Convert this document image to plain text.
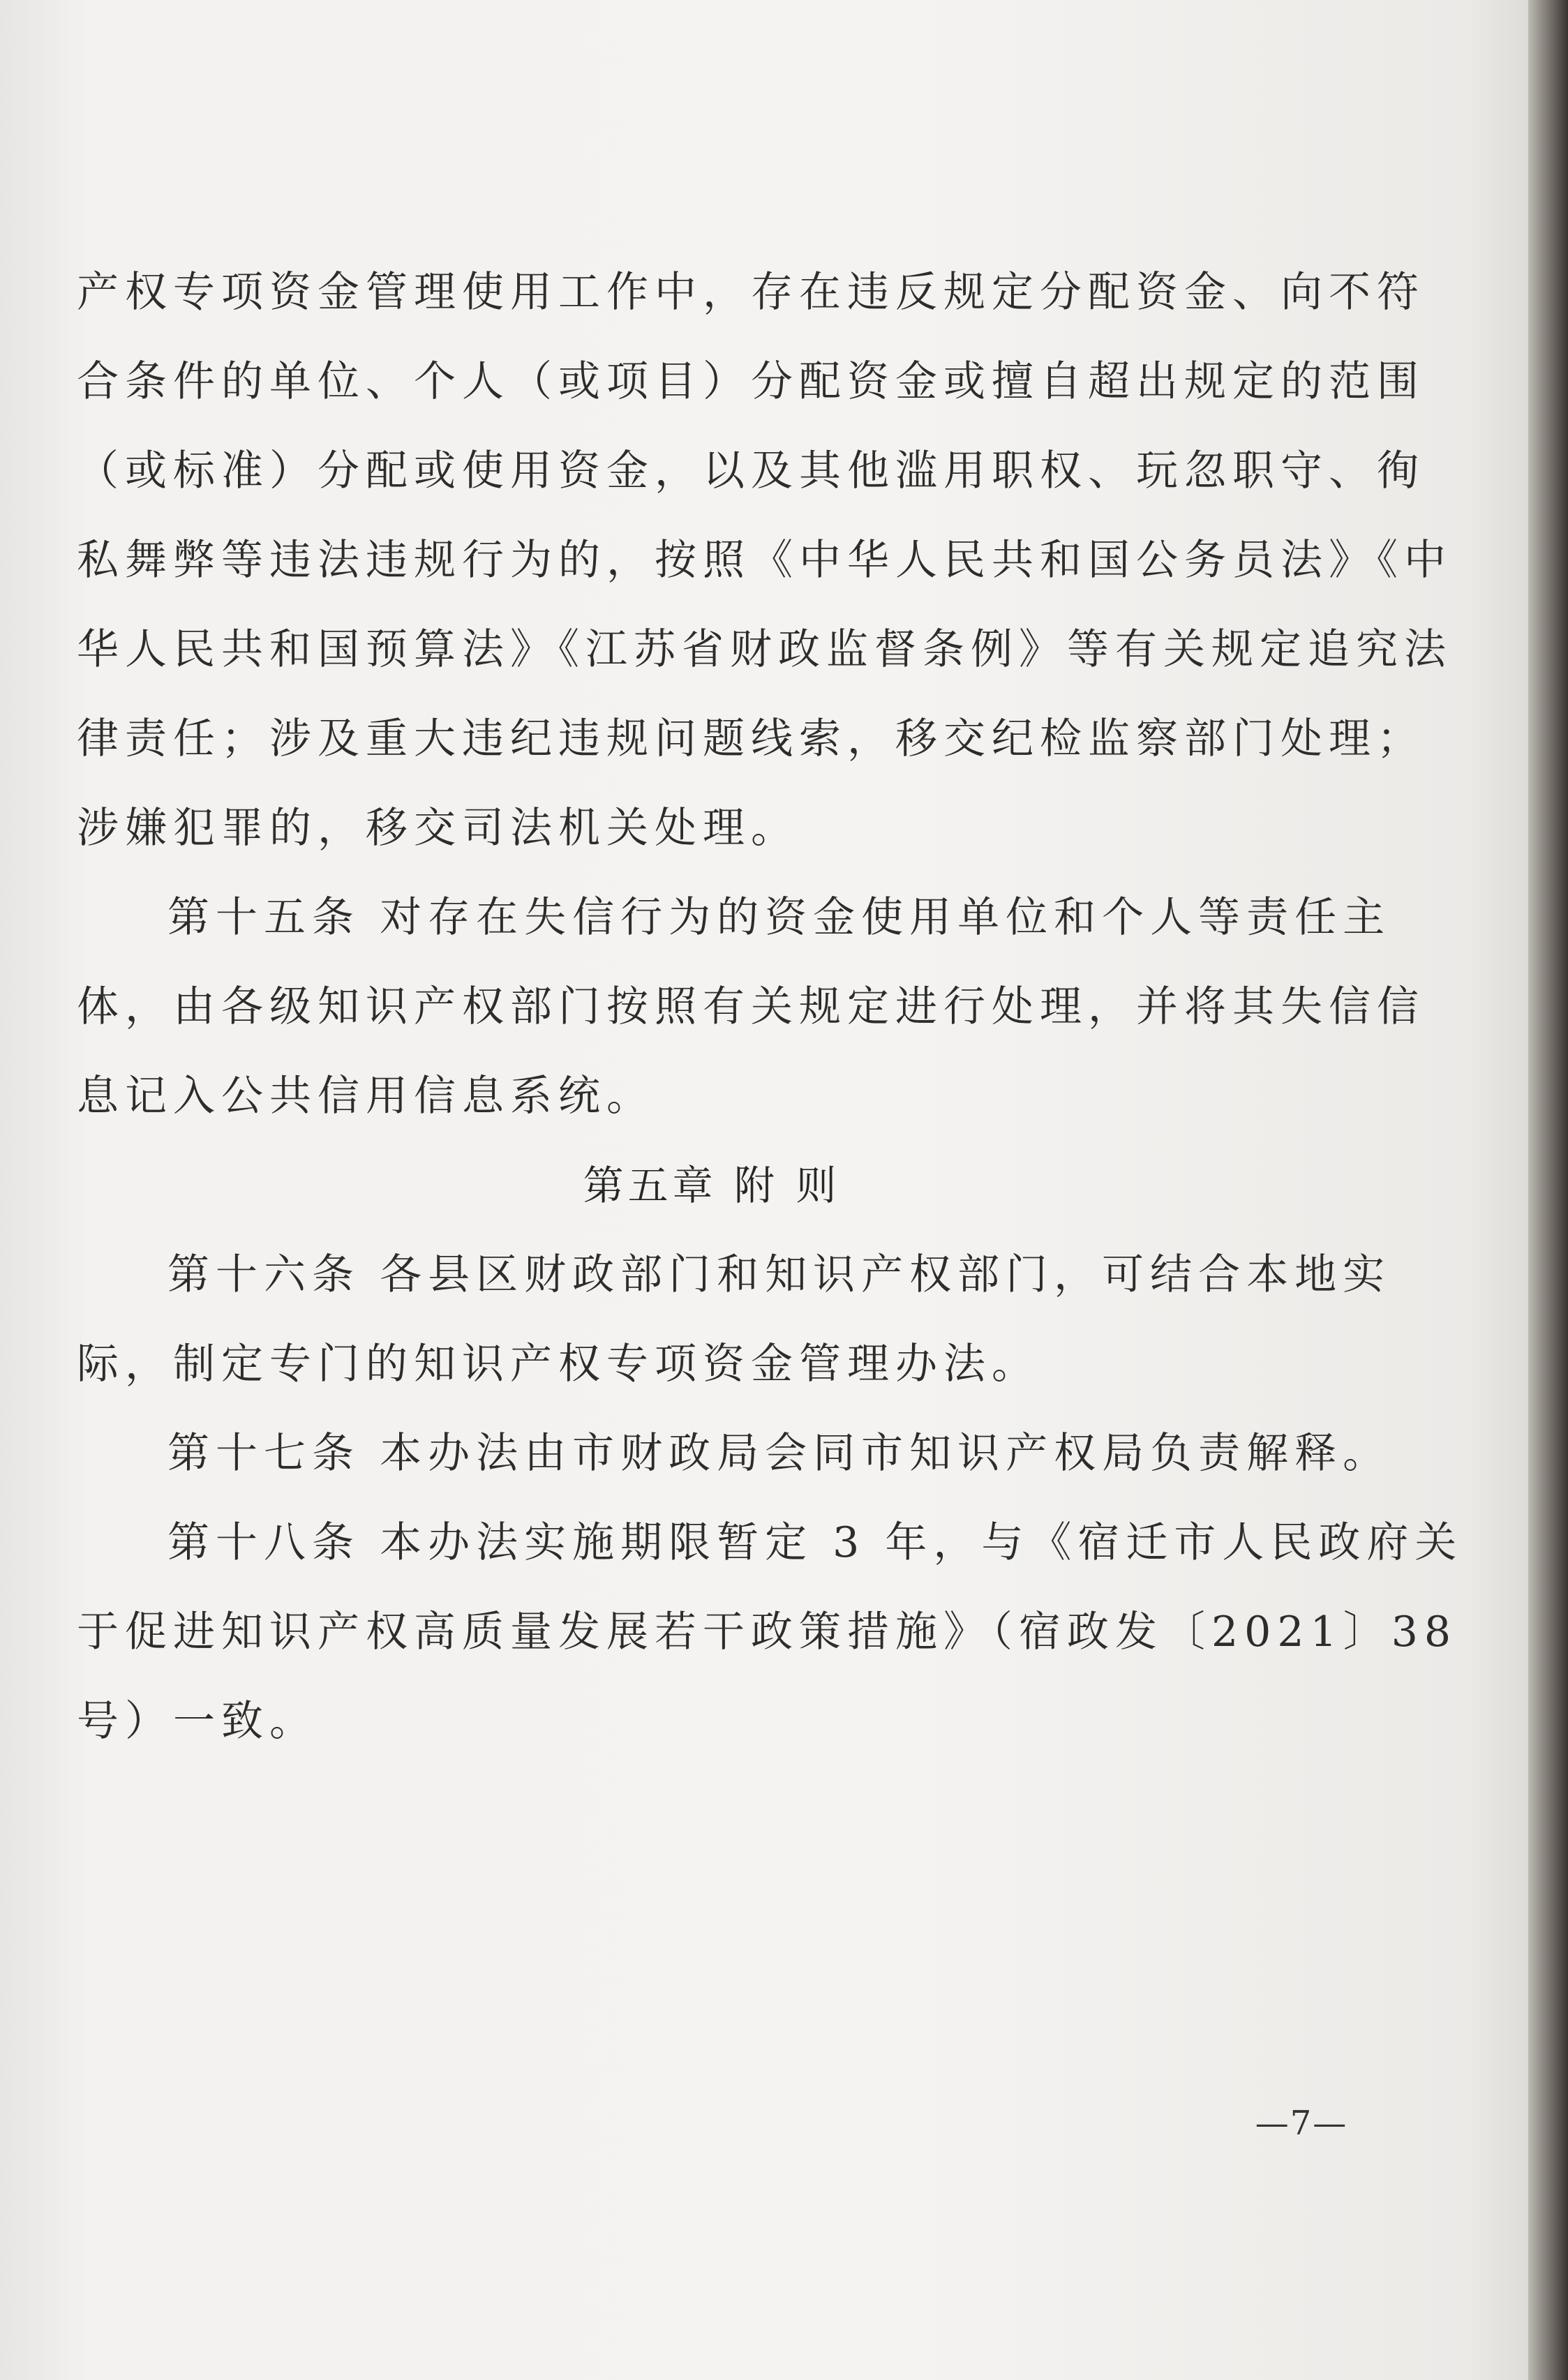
产权专项资金管理使用工作中，存在违反规定分配资金、向不符
合条件的单位、个人（或项目）分配资金或擅自超出规定的范围
（或标准）分配或使用资金，以及其他滥用职权、玩忽职守、徇
私舞弊等违法违规行为的，按照《中华人民共和国公务员法》《中
华人民共和国预算法》《江苏省财政监督条例》等有关规定追究法
律责任；涉及重大违纪违规问题线索，移交纪检监察部门处理；
涉嫌犯罪的，移交司法机关处理。
第十五条 对存在失信行为的资金使用单位和个人等责任主
体，由各级知识产权部门按照有关规定进行处理，并将其失信信
息记入公共信用信息系统。
第五章 附 则
第十六条 各县区财政部门和知识产权部门，可结合本地实
际，制定专门的知识产权专项资金管理办法。
第十七条 本办法由市财政局会同市知识产权局负责解释。
第十八条 本办法实施期限暂定 3 年，与《宿迁市人民政府关
于促进知识产权高质量发展若干政策措施》（宿政发〔2021〕38
号）一致。
—7—
